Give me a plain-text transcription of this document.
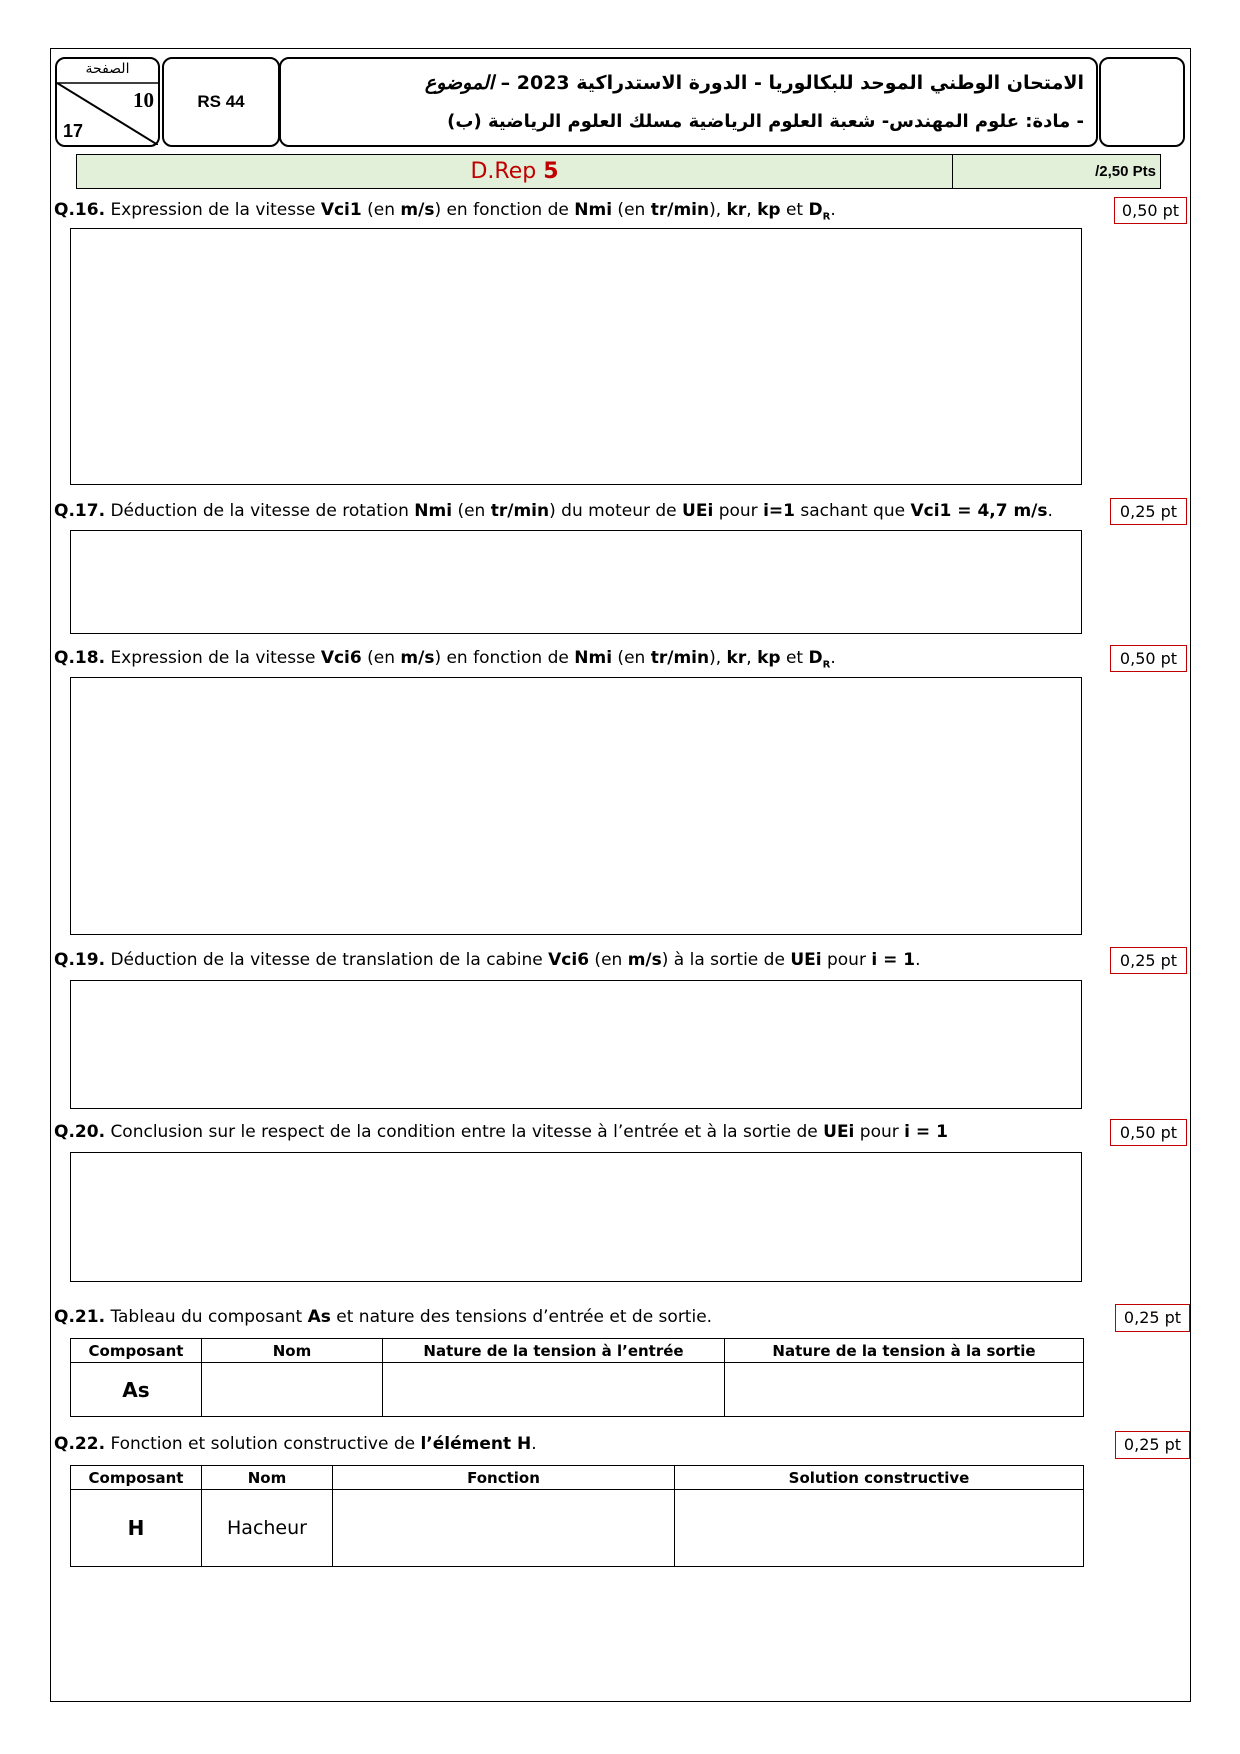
الصفحة
10
17
RS 44
الامتحان الوطني الموحد للبكالوريا - الدورة الاستدراكية 2023 – الموضوع
- مادة: علوم المهندس- شعبة العلوم الرياضية مسلك العلوم الرياضية (ب)
D.Rep 5	/2,50 Pts
Q.16. Expression de la vitesse Vci1 (en m/s) en fonction de Nmi (en tr/min), kr, kp et $D_R$.	0,50 pt
Q.17. Déduction de la vitesse de rotation Nmi (en tr/min) du moteur de UEi pour i=1 sachant que Vci1 = 4,7 m/s.	0,25 pt
Q.18. Expression de la vitesse Vci6 (en m/s) en fonction de Nmi (en tr/min), kr, kp et $D_R$.	0,50 pt
Q.19. Déduction de la vitesse de translation de la cabine Vci6 (en m/s) à la sortie de UEi pour i = 1.	0,25 pt
Q.20. Conclusion sur le respect de la condition entre la vitesse à l’entrée et à la sortie de UEi pour i = 1	0,50 pt
Q.21. Tableau du composant As et nature des tensions d’entrée et de sortie.	0,25 pt
Composant	Nom	Nature de la tension à l’entrée	Nature de la tension à la sortie
As			
Q.22. Fonction et solution constructive de l’élément H.	0,25 pt
Composant	Nom	Fonction	Solution constructive
H	Hacheur		
